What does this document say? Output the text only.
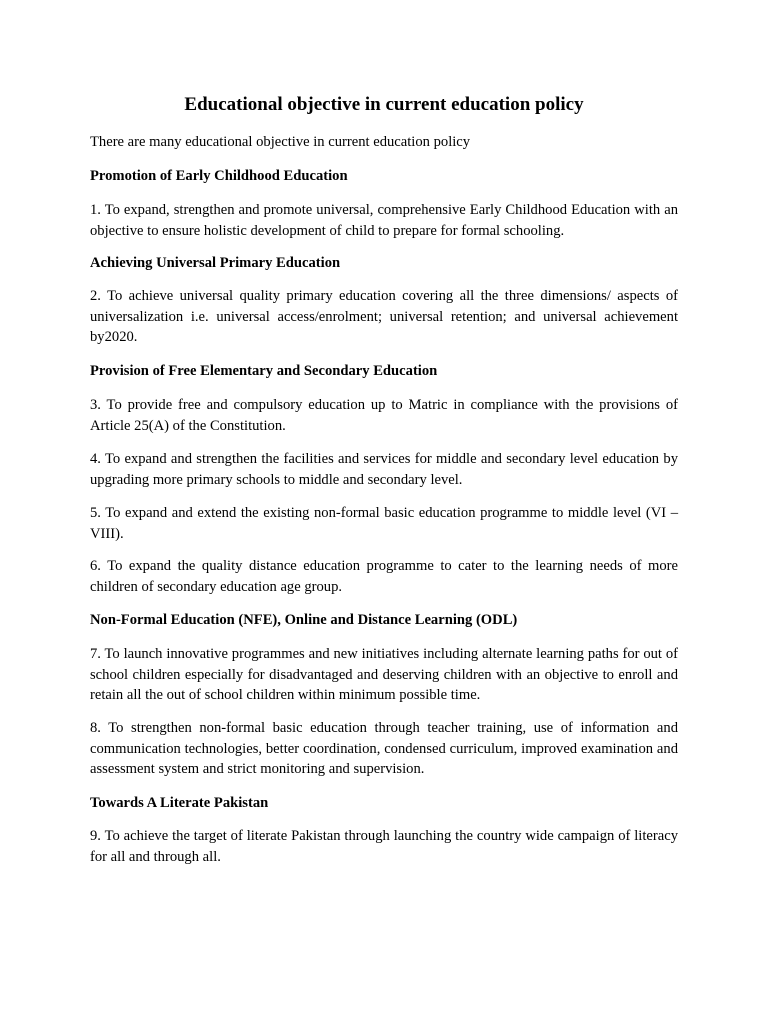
Educational objective in current education policy

There are many educational objective in current education policy

Promotion of Early Childhood Education

1. To expand, strengthen and promote universal, comprehensive Early Childhood Education with an objective to ensure holistic development of child to prepare for formal schooling.

Achieving Universal Primary Education

2. To achieve universal quality primary education covering all the three dimensions/ aspects of universalization i.e. universal access/enrolment; universal retention; and universal achievement by2020.

Provision of Free Elementary and Secondary Education

3. To provide free and compulsory education up to Matric in compliance with the provisions of Article 25(A) of the Constitution.

4. To expand and strengthen the facilities and services for middle and secondary level education by upgrading more primary schools to middle and secondary level.

5. To expand and extend the existing non-formal basic education programme to middle level (VI – VIII).

6. To expand the quality distance education programme to cater to the learning needs of more children of secondary education age group.

Non-Formal Education (NFE), Online and Distance Learning (ODL)

7. To launch innovative programmes and new initiatives including alternate learning paths for out of school children especially for disadvantaged and deserving children with an objective to enroll and retain all the out of school children within minimum possible time.

8. To strengthen non-formal basic education through teacher training, use of information and communication technologies, better coordination, condensed curriculum, improved examination and assessment system and strict monitoring and supervision.

Towards A Literate Pakistan

9. To achieve the target of literate Pakistan through launching the country wide campaign of literacy for all and through all.
